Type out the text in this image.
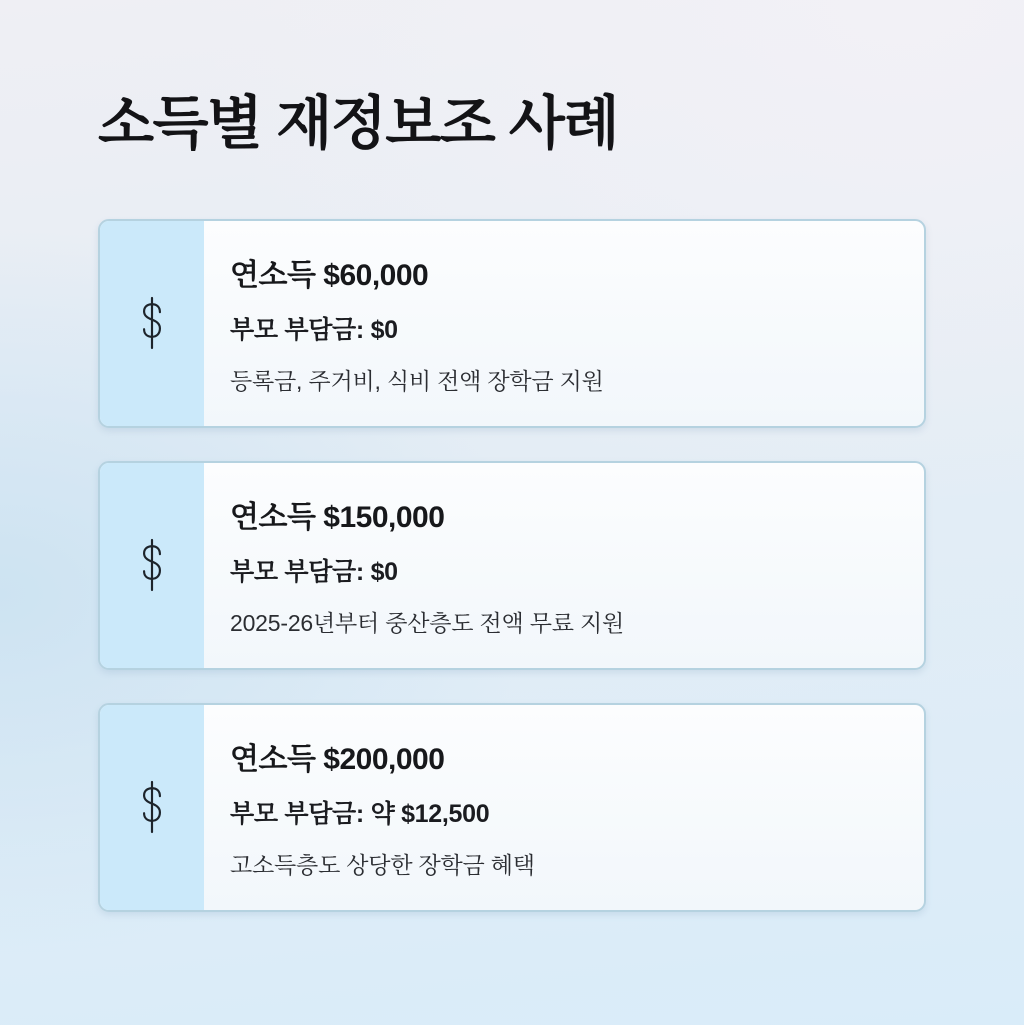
소득별 재정보조 사례
연소득 $60,000

부모 부담금: $0

등록금, 주거비, 식비 전액 장학금 지원

연소득 $150,000

부모 부담금: $0

2025-26년부터 중산층도 전액 무료 지원

연소득 $200,000

부모 부담금: 약 $12,500

고소득층도 상당한 장학금 혜택
